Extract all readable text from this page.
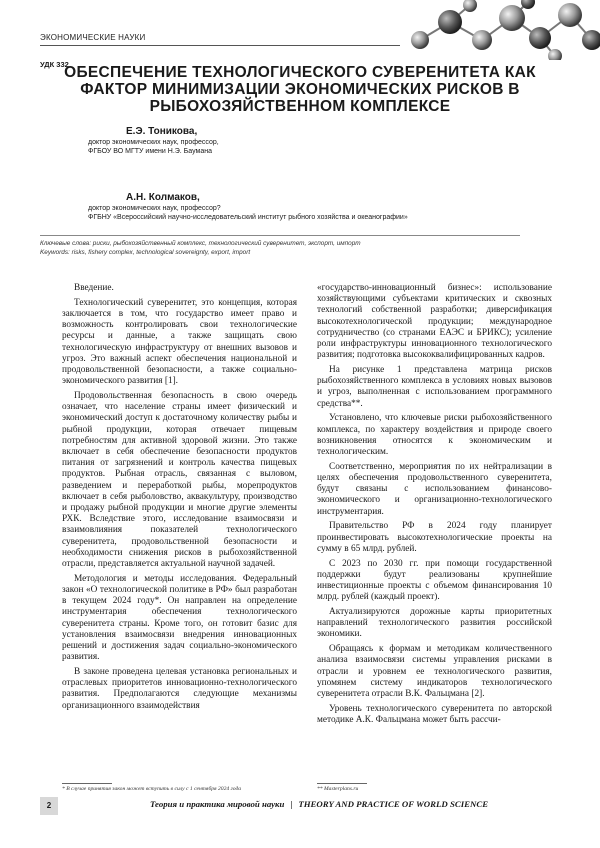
ЭКОНОМИЧЕСКИЕ НАУКИ
УДК 332
ОБЕСПЕЧЕНИЕ ТЕХНОЛОГИЧЕСКОГО СУВЕРЕНИТЕТА КАК ФАКТОР МИНИМИЗАЦИИ ЭКОНОМИЧЕСКИХ РИСКОВ В РЫБОХОЗЯЙСТВЕННОМ КОМПЛЕКСЕ
Е.Э. Тоникова,
доктор экономических наук, профессор,
ФГБОУ ВО МГТУ имени Н.Э. Баумана
А.Н. Колмаков,
доктор экономических наук, профессор?
ФГБНУ «Всероссийский научно-исследовательский институт рыбного хозяйства и океанографии»
Ключевые слова: риски, рыбохозяйственный комплекс, технологический суверенитет, экспорт, импорт
Keywords: risks, fishery complex, technological sovereignty, export, import

Введение.

Технологический суверенитет, это концепция, которая заключается в том, что государство имеет право и возможность контролировать свои технологические ресурсы и данные, а также защищать свою технологическую инфраструктуру от внешних вызовов и угроз. Это важный аспект обеспечения национальной и продовольственной безопасности, а также социально-экономического развития [1].

Продовольственная безопасность в свою очередь означает, что население страны имеет физический и экономический доступ к достаточному количеству рыбы и рыбной продукции, которая отвечает пищевым потребностям для активной здоровой жизни. Это также включает в себя обеспечение безопасности продуктов питания от загрязнений и контроль качества пищевых продуктов. Рыбная отрасль, связанная с выловом, разведением и переработкой рыбы, морепродуктов включает в себя рыболовство, аквакультуру, производство и продажу рыбной продукции и многие другие элементы РХК. Вследствие этого, исследование взаимосвязи и взаимовлияния показателей технологического суверенитета, продовольственной безопасности и необходимости снижения рисков в рыбохозяйственной отрасли, представляется актуальной научной задачей.

Методология и методы исследования. Федеральный закон «О технологической политике в РФ» был разработан в текущем 2024 году*. Он направлен на определение инструментария обеспечения технологического суверенитета страны. Кроме того, он готовит базис для установления взаимосвязи внедрения инновационных решений и достижения задач социально-экономического развития.

В законе проведена целевая установка региональных и отраслевых приоритетов инновационно-технологического развития. Предполагаются следующие механизмы организационного взаимодействия

«государство-инновационный бизнес»: использование хозяйствующими субъектами критических и сквозных технологий собственной разработки; диверсификация высокотехнологической продукции; международное сотрудничество (со странами ЕАЭС и БРИКС); усиление роли инфраструктуры инновационного технологического развития; подготовка высококвалифицированных кадров.

На рисунке 1 представлена матрица рисков рыбохозяйственного комплекса в условиях новых вызовов и угроз, выполненная с использованием программного средства**.

Установлено, что ключевые риски рыбохозяйственного комплекса, по характеру воздействия и природе своего возникновения относятся к экономическим и технологическим.

Соответственно, мероприятия по их нейтрализации в целях обеспечения продовольственного суверенитета, будут связаны с использованием финансово-экономического и организационно-технологического инструментария.

Правительство РФ в 2024 году планирует проинвестировать высокотехнологические проекты на сумму в 65 млрд. рублей.

С 2023 по 2030 гг. при помощи государственной поддержки будут реализованы крупнейшие инвестиционные проекты с объемом финансирования 10 млрд. рублей (каждый проект).

Актуализируются дорожные карты приоритетных направлений технологического развития российской экономики.

Обращаясь к формам и методикам количественного анализа взаимосвязи системы управления рисками в отрасли и уровнем ее технологического развития, упомянем систему индикаторов технологического суверенитета отрасли В.К. Фальцмана [2].

Уровень технологического суверенитета по авторской методике А.К. Фальцмана может быть рассчи-

* В случае принятия закон может вступить в силу с 1 сентября 2024 года	** Masterplans.ru
2	Теория и практика мировой науки | THEORY AND PRACTICE OF WORLD SCIENCE
